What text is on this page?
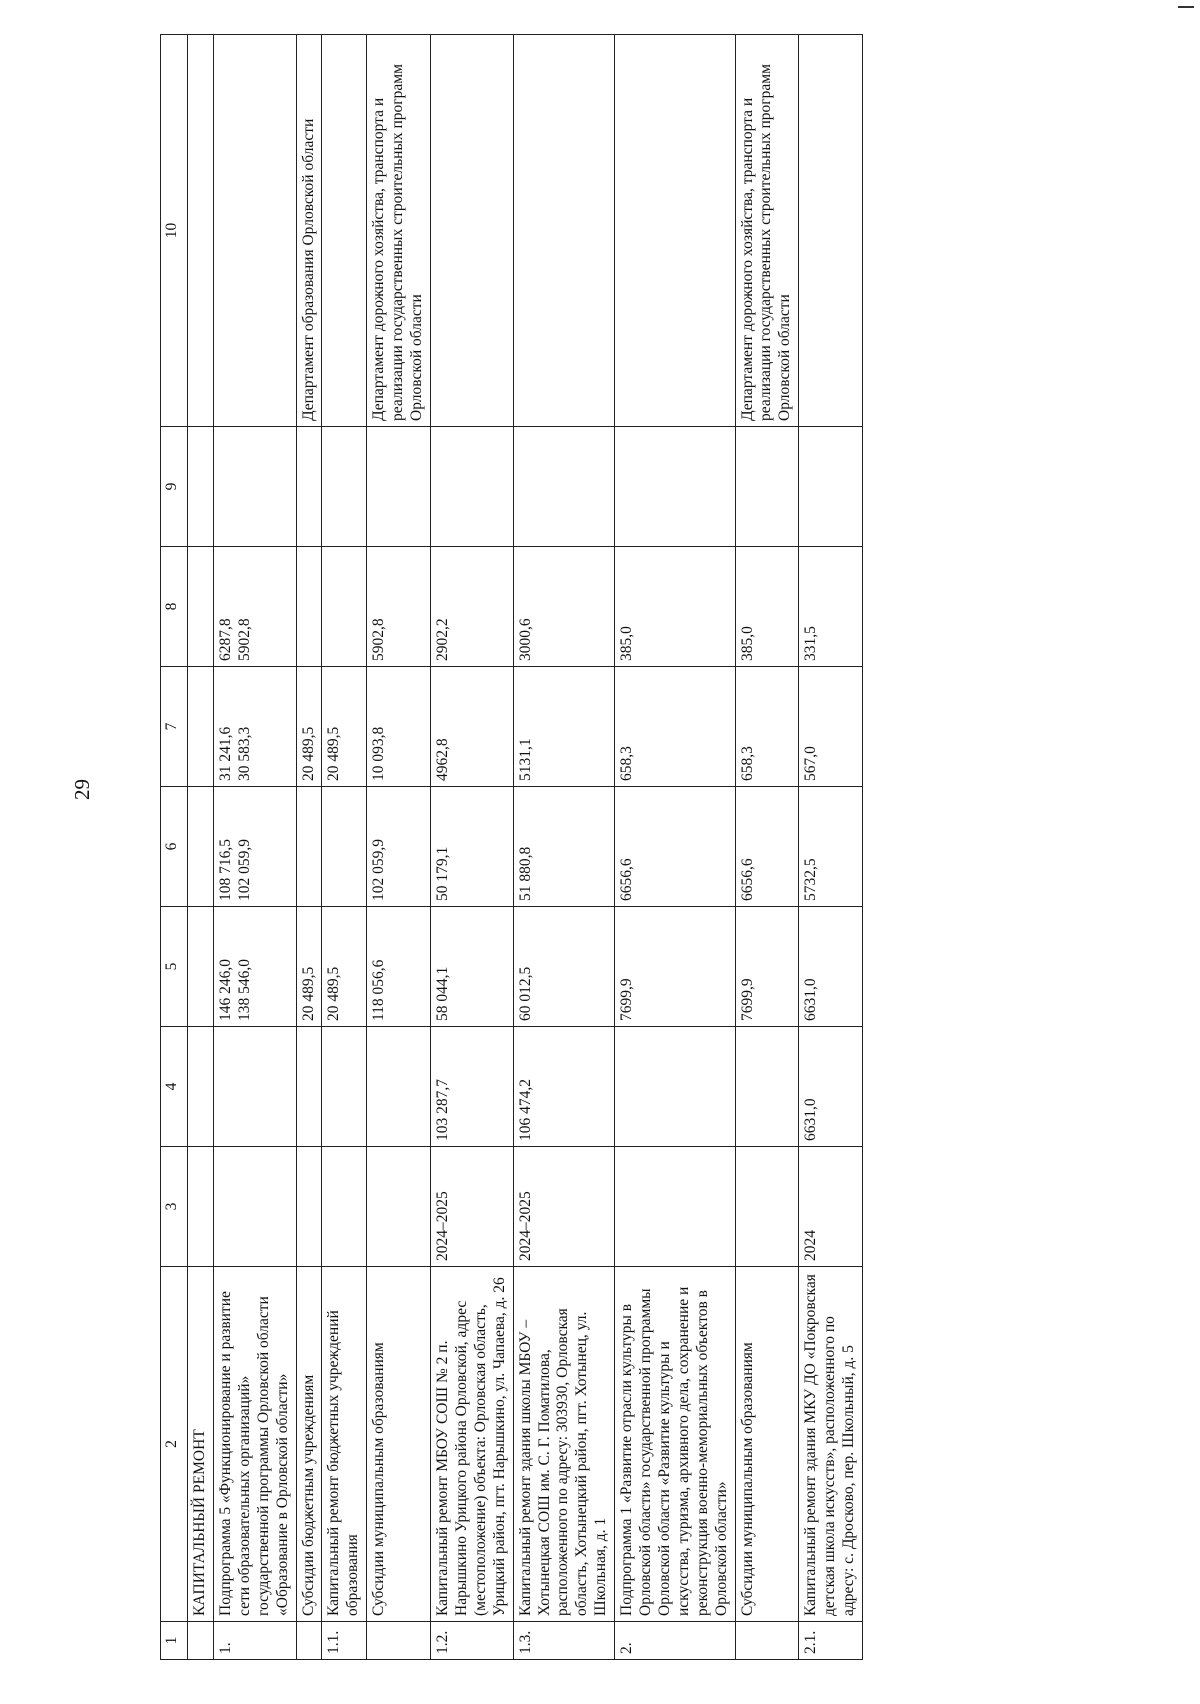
29
1	2	3	4	5	6	7	8	9	10
	КАПИТАЛЬНЫЙ РЕМОНТ								
1.	Подпрограмма 5 «Функционирование и развитие сети образовательных организаций» государственной программы Орловской области «Образование в Орловской области»			146 246,0 138 546,0	108 716,5 102 059,9	31 241,6 30 583,3	6287,8 5902,8		
	Субсидии бюджетным учреждениям			20 489,5		20 489,5			Департамент образования Орловской области
1.1.	Капитальный ремонт бюджетных учреждений образования			20 489,5		20 489,5			
	Субсидии муниципальным образованиям			118 056,6	102 059,9	10 093,8	5902,8		Департамент дорожного хозяйства, транспорта и реализации государственных строительных программ Орловской области
1.2.	Капитальный ремонт МБОУ СОШ № 2 п. Нарышкино Урицкого района Орловской, адрес (местоположение) объекта: Орловская область, Урицкий район, пгт. Нарышкино, ул. Чапаева, д. 26	2024–2025	103 287,7	58 044,1	50 179,1	4962,8	2902,2		
1.3.	Капитальный ремонт здания школы МБОУ – Хотынецкая СОШ им. С. Г. Поматилова, расположенного по адресу: 303930, Орловская область, Хотынецкий район, пгт. Хотынец, ул. Школьная, д. 1	2024–2025	106 474,2	60 012,5	51 880,8	5131,1	3000,6		
2.	Подпрограмма 1 «Развитие отрасли культуры в Орловской области» государственной программы Орловской области «Развитие культуры и искусства, туризма, архивного дела, сохранение и реконструкция военно-мемориальных объектов в Орловской области»			7699,9	6656,6	658,3	385,0		
	Субсидии муниципальным образованиям			7699,9	6656,6	658,3	385,0		Департамент дорожного хозяйства, транспорта и реализации государственных строительных программ Орловской области
2.1.	Капитальный ремонт здания МКУ ДО «Покровская детская школа искусств», расположенного по адресу: с. Дросково, пер. Школьный, д. 5	2024	6631,0	6631,0	5732,5	567,0	331,5		
